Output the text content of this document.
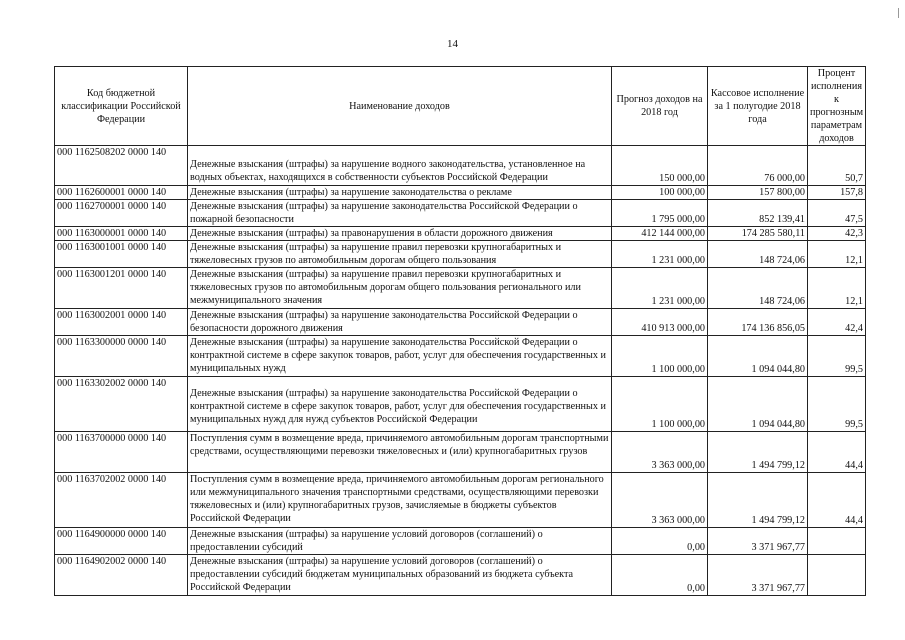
14
Код бюджетной классификации Российской Федерации	Наименование доходов	Прогноз доходов на 2018 год	Кассовое исполнение за 1 полугодие 2018 года	Процент исполнения к прогнозным параметрам доходов
000 1162508202 0000 140	Денежные взыскания (штрафы) за нарушение водного законодательства, установленное на водных объектах, находящихся в собственности субъектов Российской Федерации	150 000,00	76 000,00	50,7
000 1162600001 0000 140	Денежные взыскания (штрафы) за нарушение законодательства о рекламе	100 000,00	157 800,00	157,8
000 1162700001 0000 140	Денежные взыскания (штрафы) за нарушение законодательства Российской Федерации о пожарной безопасности	1 795 000,00	852 139,41	47,5
000 1163000001 0000 140	Денежные взыскания (штрафы) за правонарушения в области дорожного движения	412 144 000,00	174 285 580,11	42,3
000 1163001001 0000 140	Денежные взыскания (штрафы) за нарушение правил перевозки крупногабаритных и тяжеловесных грузов по автомобильным дорогам общего пользования	1 231 000,00	148 724,06	12,1
000 1163001201 0000 140	Денежные взыскания (штрафы) за нарушение правил перевозки крупногабаритных и тяжеловесных грузов по автомобильным дорогам общего пользования регионального или межмуниципального значения	1 231 000,00	148 724,06	12,1
000 1163002001 0000 140	Денежные взыскания (штрафы) за нарушение законодательства Российской Федерации о безопасности дорожного движения	410 913 000,00	174 136 856,05	42,4
000 1163300000 0000 140	Денежные взыскания (штрафы) за нарушение законодательства Российской Федерации о контрактной системе в сфере закупок товаров, работ, услуг для обеспечения государственных и муниципальных нужд	1 100 000,00	1 094 044,80	99,5
000 1163302002 0000 140	Денежные взыскания (штрафы) за нарушение законодательства Российской Федерации о контрактной системе в сфере закупок товаров, работ, услуг для обеспечения государственных и муниципальных нужд для нужд субъектов Российской Федерации	1 100 000,00	1 094 044,80	99,5
000 1163700000 0000 140	Поступления сумм в возмещение вреда, причиняемого автомобильным дорогам транспортными средствами, осуществляющими перевозки тяжеловесных и (или) крупногабаритных грузов	3 363 000,00	1 494 799,12	44,4
000 1163702002 0000 140	Поступления сумм в возмещение вреда, причиняемого автомобильным дорогам регионального или межмуниципального значения транспортными средствами, осуществляющими перевозки тяжеловесных и (или) крупногабаритных грузов, зачисляемые в бюджеты субъектов Российской Федерации	3 363 000,00	1 494 799,12	44,4
000 1164900000 0000 140	Денежные взыскания (штрафы) за нарушение условий договоров (соглашений) о предоставлении субсидий	0,00	3 371 967,77	
000 1164902002 0000 140	Денежные взыскания (штрафы) за нарушение условий договоров (соглашений) о предоставлении субсидий бюджетам муниципальных образований из бюджета субъекта Российской Федерации	0,00	3 371 967,77	
